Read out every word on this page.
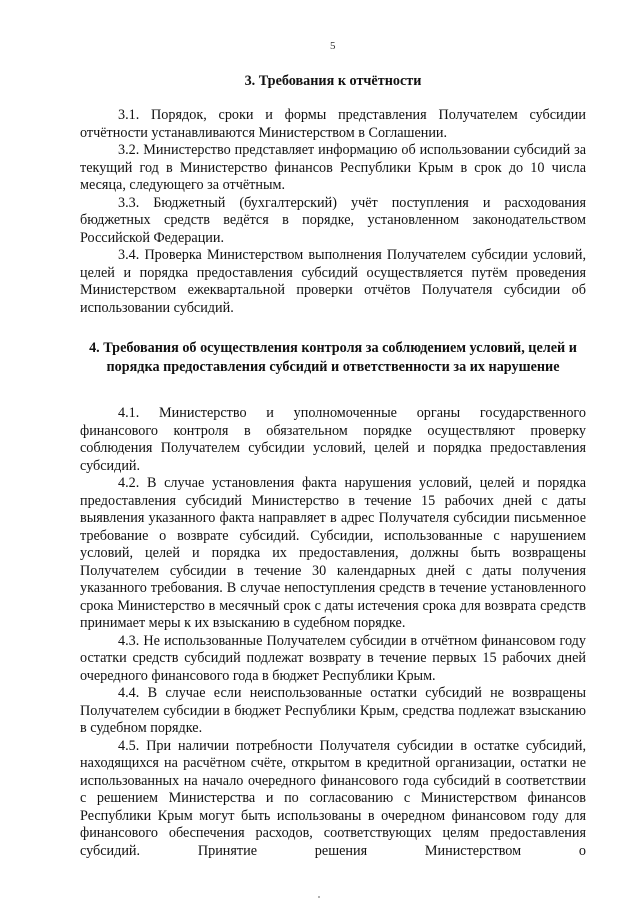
5
3. Требования к отчётности

3.1. Порядок, сроки и формы представления Получателем субсидии отчётности устанавливаются Министерством в Соглашении.

3.2. Министерство представляет информацию об использовании субсидий за текущий год в Министерство финансов Республики Крым в срок до 10 числа месяца, следующего за отчётным.

3.3. Бюджетный (бухгалтерский) учёт поступления и расходования бюджетных средств ведётся в порядке, установленном законодательством Российской Федерации.

3.4. Проверка Министерством выполнения Получателем субсидии условий, целей и порядка предоставления субсидий осуществляется путём проведения Министерством ежеквартальной проверки отчётов Получателя субсидии об использовании субсидий.

4. Требования об осуществления контроля за соблюдением условий, целей и порядка предоставления субсидий и ответственности за их нарушение

4.1. Министерство и уполномоченные органы государственного финансового контроля в обязательном порядке осуществляют проверку соблюдения Получателем субсидии условий, целей и порядка предоставления субсидий.

4.2. В случае установления факта нарушения условий, целей и порядка предоставления субсидий Министерство в течение 15 рабочих дней с даты выявления указанного факта направляет в адрес Получателя субсидии письменное требование о возврате субсидий. Субсидии, использованные с нарушением условий, целей и порядка их предоставления, должны быть возвращены Получателем субсидии в течение 30 календарных дней с даты получения указанного требования. В случае непоступления средств в течение установленного срока Министерство в месячный срок с даты истечения срока для возврата средств принимает меры к их взысканию в судебном порядке.

4.3. Не использованные Получателем субсидии в отчётном финансовом году остатки средств субсидий подлежат возврату в течение первых 15 рабочих дней очередного финансового года в бюджет Республики Крым.

4.4. В случае если неиспользованные остатки субсидий не возвращены Получателем субсидии в бюджет Республики Крым, средства подлежат взысканию в судебном порядке.

4.5. При наличии потребности Получателя субсидии в остатке субсидий, находящихся на расчётном счёте, открытом в кредитной организации, остатки не использованных на начало очередного финансового года субсидий в соответствии с решением Министерства и по согласованию с Министерством финансов Республики Крым могут быть использованы в очередном финансовом году для финансового обеспечения расходов, соответствующих целям предоставления субсидий. Принятие решения Министерством о
